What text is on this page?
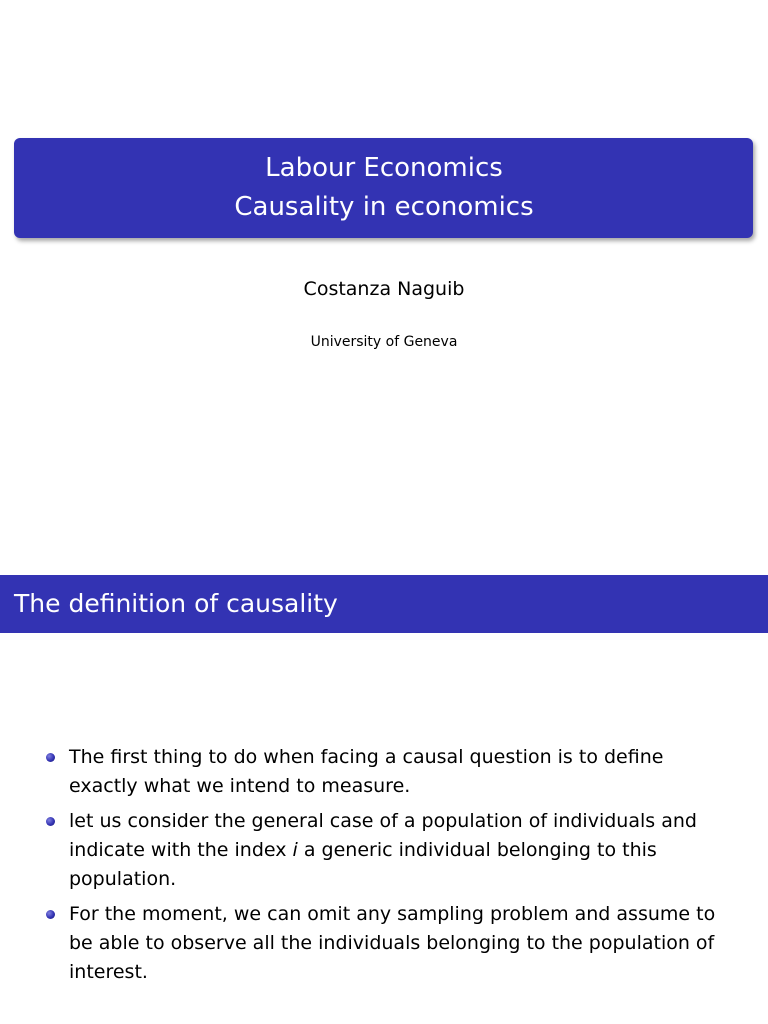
Labour Economics
Causality in economics
Costanza Naguib
University of Geneva
The definition of causality
The first thing to do when facing a causal question is to define exactly what we intend to measure.
let us consider the general case of a population of individuals and indicate with the index i a generic individual belonging to this population.
For the moment, we can omit any sampling problem and assume to be able to observe all the individuals belonging to the population of interest.
